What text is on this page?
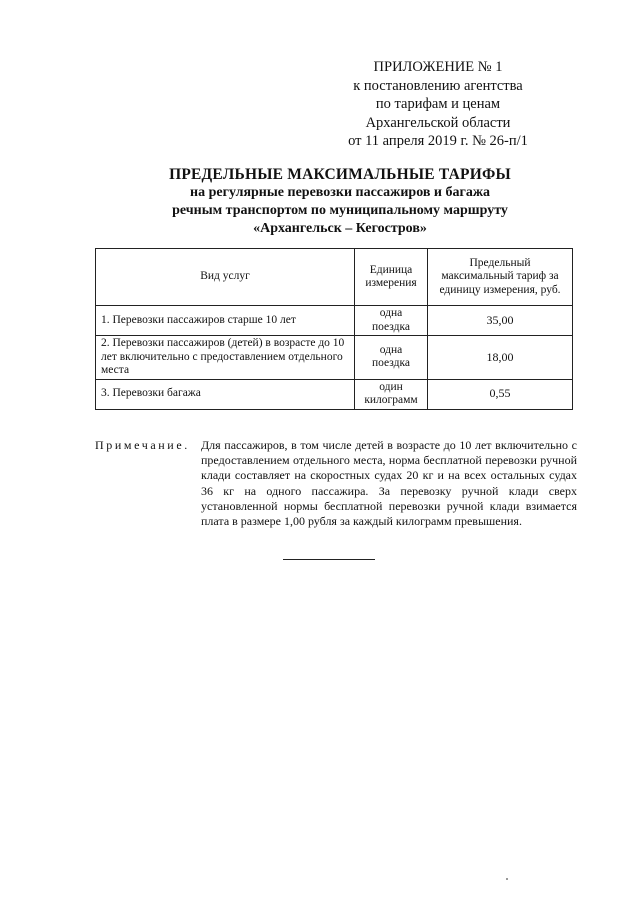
ПРИЛОЖЕНИЕ № 1
к постановлению агентства
по тарифам и ценам
Архангельской области
от 11 апреля 2019 г. № 26-п/1
ПРЕДЕЛЬНЫЕ МАКСИМАЛЬНЫЕ ТАРИФЫ
на регулярные перевозки пассажиров и багажа
речным транспортом по муниципальному маршруту
«Архангельск – Кегостров»
Вид услуг	Единица измерения	Предельный максимальный тариф за единицу измерения, руб.
1. Перевозки пассажиров старше 10 лет	одна поездка	35,00
2. Перевозки пассажиров (детей) в возрасте до 10 лет включительно с предоставлением отдельного места	одна поездка	18,00
3. Перевозки багажа	один килограмм	0,55
Примечание. Для пассажиров, в том числе детей в возрасте до 10 лет включительно с предоставлением отдельного места, норма бесплатной перевозки ручной клади составляет на скоростных судах 20 кг и на всех остальных судах 36 кг на одного пассажира. За перевозку ручной клади сверх установленной нормы бесплатной перевозки ручной клади взимается плата в размере 1,00 рубля за каждый килограмм превышения.
